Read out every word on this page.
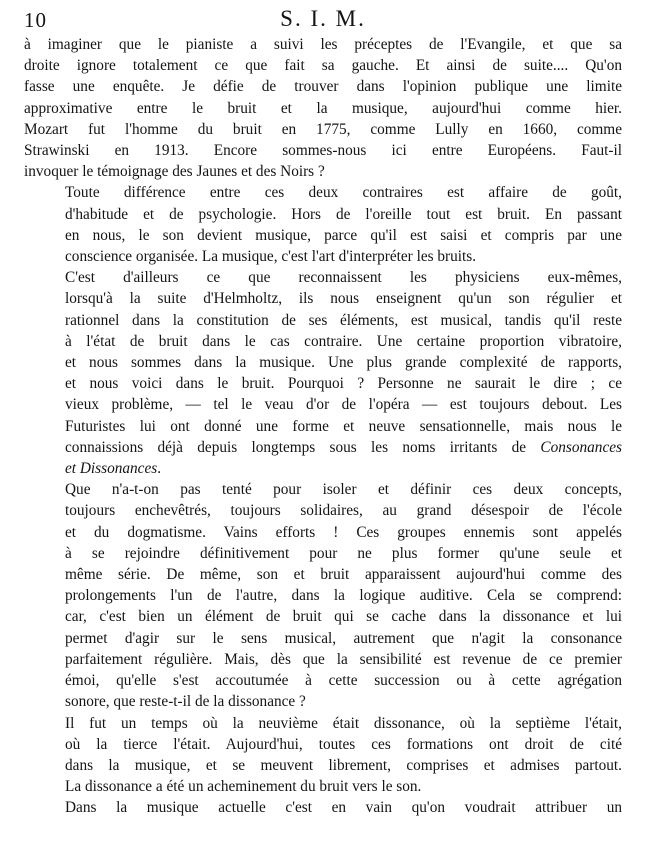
10	S. I. M.

à imaginer que le pianiste a suivi les préceptes de l'Evangile, et que sa
droite ignore totalement ce que fait sa gauche. Et ainsi de suite.... Qu'on
fasse une enquête. Je défie de trouver dans l'opinion publique une limite
approximative entre le bruit et la musique, aujourd'hui comme hier.
Mozart fut l'homme du bruit en 1775, comme Lully en 1660, comme
Strawinski en 1913. Encore sommes-nous ici entre Européens. Faut-il
invoquer le témoignage des Jaunes et des Noirs ?

Toute différence entre ces deux contraires est affaire de goût,
d'habitude et de psychologie. Hors de l'oreille tout est bruit. En passant
en nous, le son devient musique, parce qu'il est saisi et compris par une
conscience organisée. La musique, c'est l'art d'interpréter les bruits.

C'est d'ailleurs ce que reconnaissent les physiciens eux-mêmes,
lorsqu'à la suite d'Helmholtz, ils nous enseignent qu'un son régulier et
rationnel dans la constitution de ses éléments, est musical, tandis qu'il reste
à l'état de bruit dans le cas contraire. Une certaine proportion vibratoire,
et nous sommes dans la musique. Une plus grande complexité de rapports,
et nous voici dans le bruit. Pourquoi ? Personne ne saurait le dire ; ce
vieux problème, — tel le veau d'or de l'opéra — est toujours debout. Les
Futuristes lui ont donné une forme et neuve sensationnelle, mais nous le
connaissions déjà depuis longtemps sous les noms irritants de Consonances
et Dissonances.

Que n'a-t-on pas tenté pour isoler et définir ces deux concepts,
toujours enchevêtrés, toujours solidaires, au grand désespoir de l'école
et du dogmatisme. Vains efforts ! Ces groupes ennemis sont appelés
à se rejoindre définitivement pour ne plus former qu'une seule et
même série. De même, son et bruit apparaissent aujourd'hui comme des
prolongements l'un de l'autre, dans la logique auditive. Cela se comprend:
car, c'est bien un élément de bruit qui se cache dans la dissonance et lui
permet d'agir sur le sens musical, autrement que n'agit la consonance
parfaitement régulière. Mais, dès que la sensibilité est revenue de ce premier
émoi, qu'elle s'est accoutumée à cette succession ou à cette agrégation
sonore, que reste-t-il de la dissonance ?

Il fut un temps où la neuvième était dissonance, où la septième l'était,
où la tierce l'était. Aujourd'hui, toutes ces formations ont droit de cité
dans la musique, et se meuvent librement, comprises et admises partout.
La dissonance a été un acheminement du bruit vers le son.

Dans la musique actuelle c'est en vain qu'on voudrait attribuer un
